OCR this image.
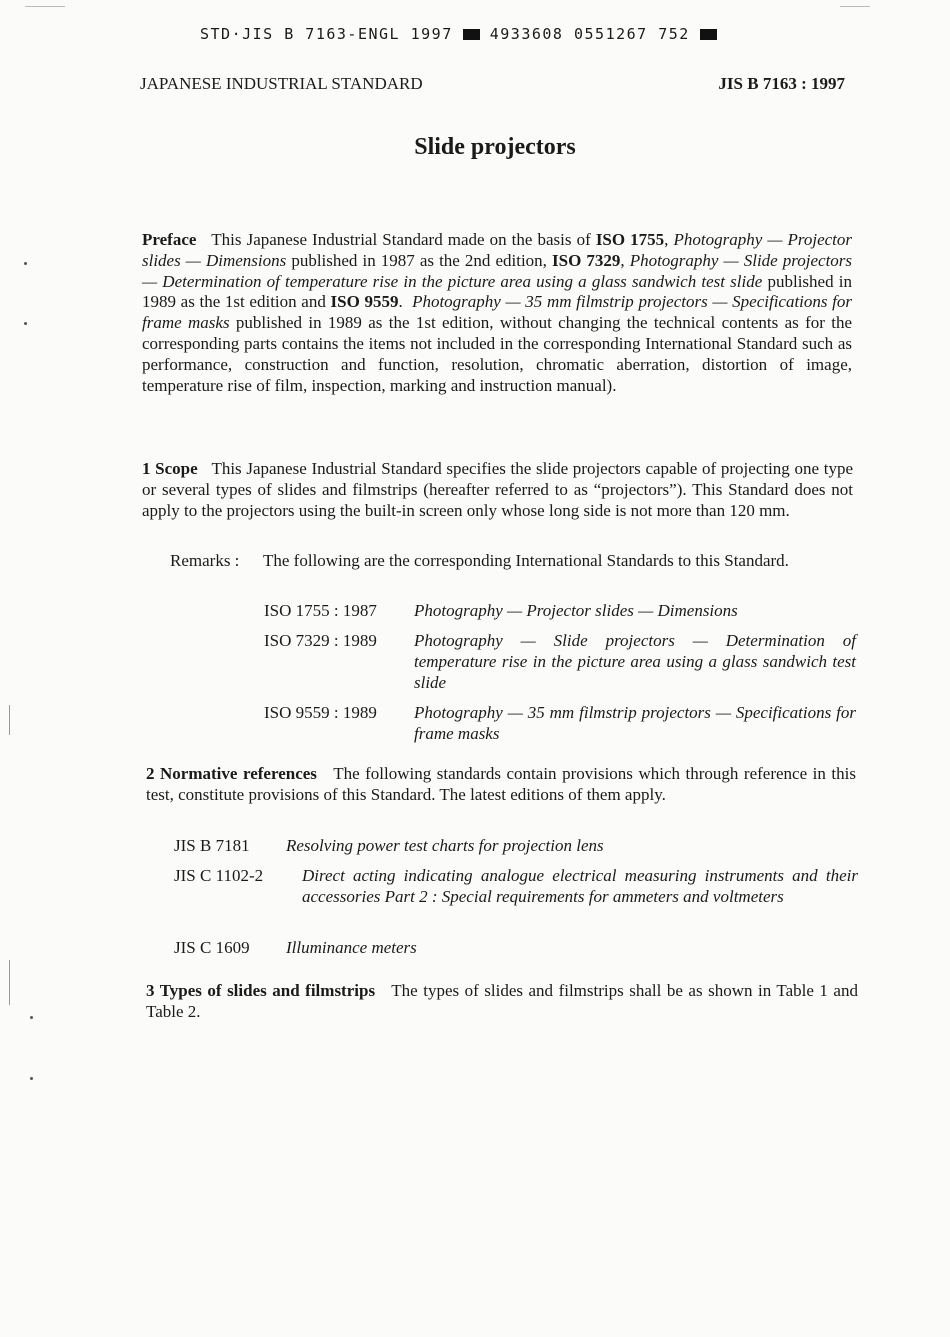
STD·JIS B 7163-ENGL 1997 4933608 0551267 752
JAPANESE INDUSTRIAL STANDARD	JIS B 7163 : 1997
Slide projectors
Preface This Japanese Industrial Standard made on the basis of ISO 1755, Photography — Projector slides — Dimensions published in 1987 as the 2nd edition, ISO 7329, Photography — Slide projectors — Determination of temperature rise in the picture area using a glass sandwich test slide published in 1989 as the 1st edition and ISO 9559.  Photography — 35 mm filmstrip projectors — Specifications for frame masks published in 1989 as the 1st edition, without changing the technical contents as for the corresponding parts contains the items not included in the corresponding International Standard such as performance, construction and function, resolution, chromatic aberration, distortion of image, temperature rise of film, inspection, marking and instruction manual).
1 Scope This Japanese Industrial Standard specifies the slide projectors capable of projecting one type or several types of slides and filmstrips (hereafter referred to as “projectors”). This Standard does not apply to the projectors using the built-in screen only whose long side is not more than 120 mm.
Remarks : The following are the corresponding International Standards to this Standard.
ISO 1755 : 1987 Photography — Projector slides — Dimensions
ISO 7329 : 1989 Photography — Slide projectors — Determination of temperature rise in the picture area using a glass sandwich test slide
ISO 9559 : 1989 Photography — 35 mm filmstrip projectors — Specifications for frame masks
2 Normative references The following standards contain provisions which through reference in this test, constitute provisions of this Standard. The latest editions of them apply.
JIS B 7181 Resolving power test charts for projection lens
JIS C 1102-2 Direct acting indicating analogue electrical measuring instruments and their accessories Part 2 : Special requirements for ammeters and voltmeters
JIS C 1609 Illuminance meters
3 Types of slides and filmstrips The types of slides and filmstrips shall be as shown in Table 1 and Table 2.
